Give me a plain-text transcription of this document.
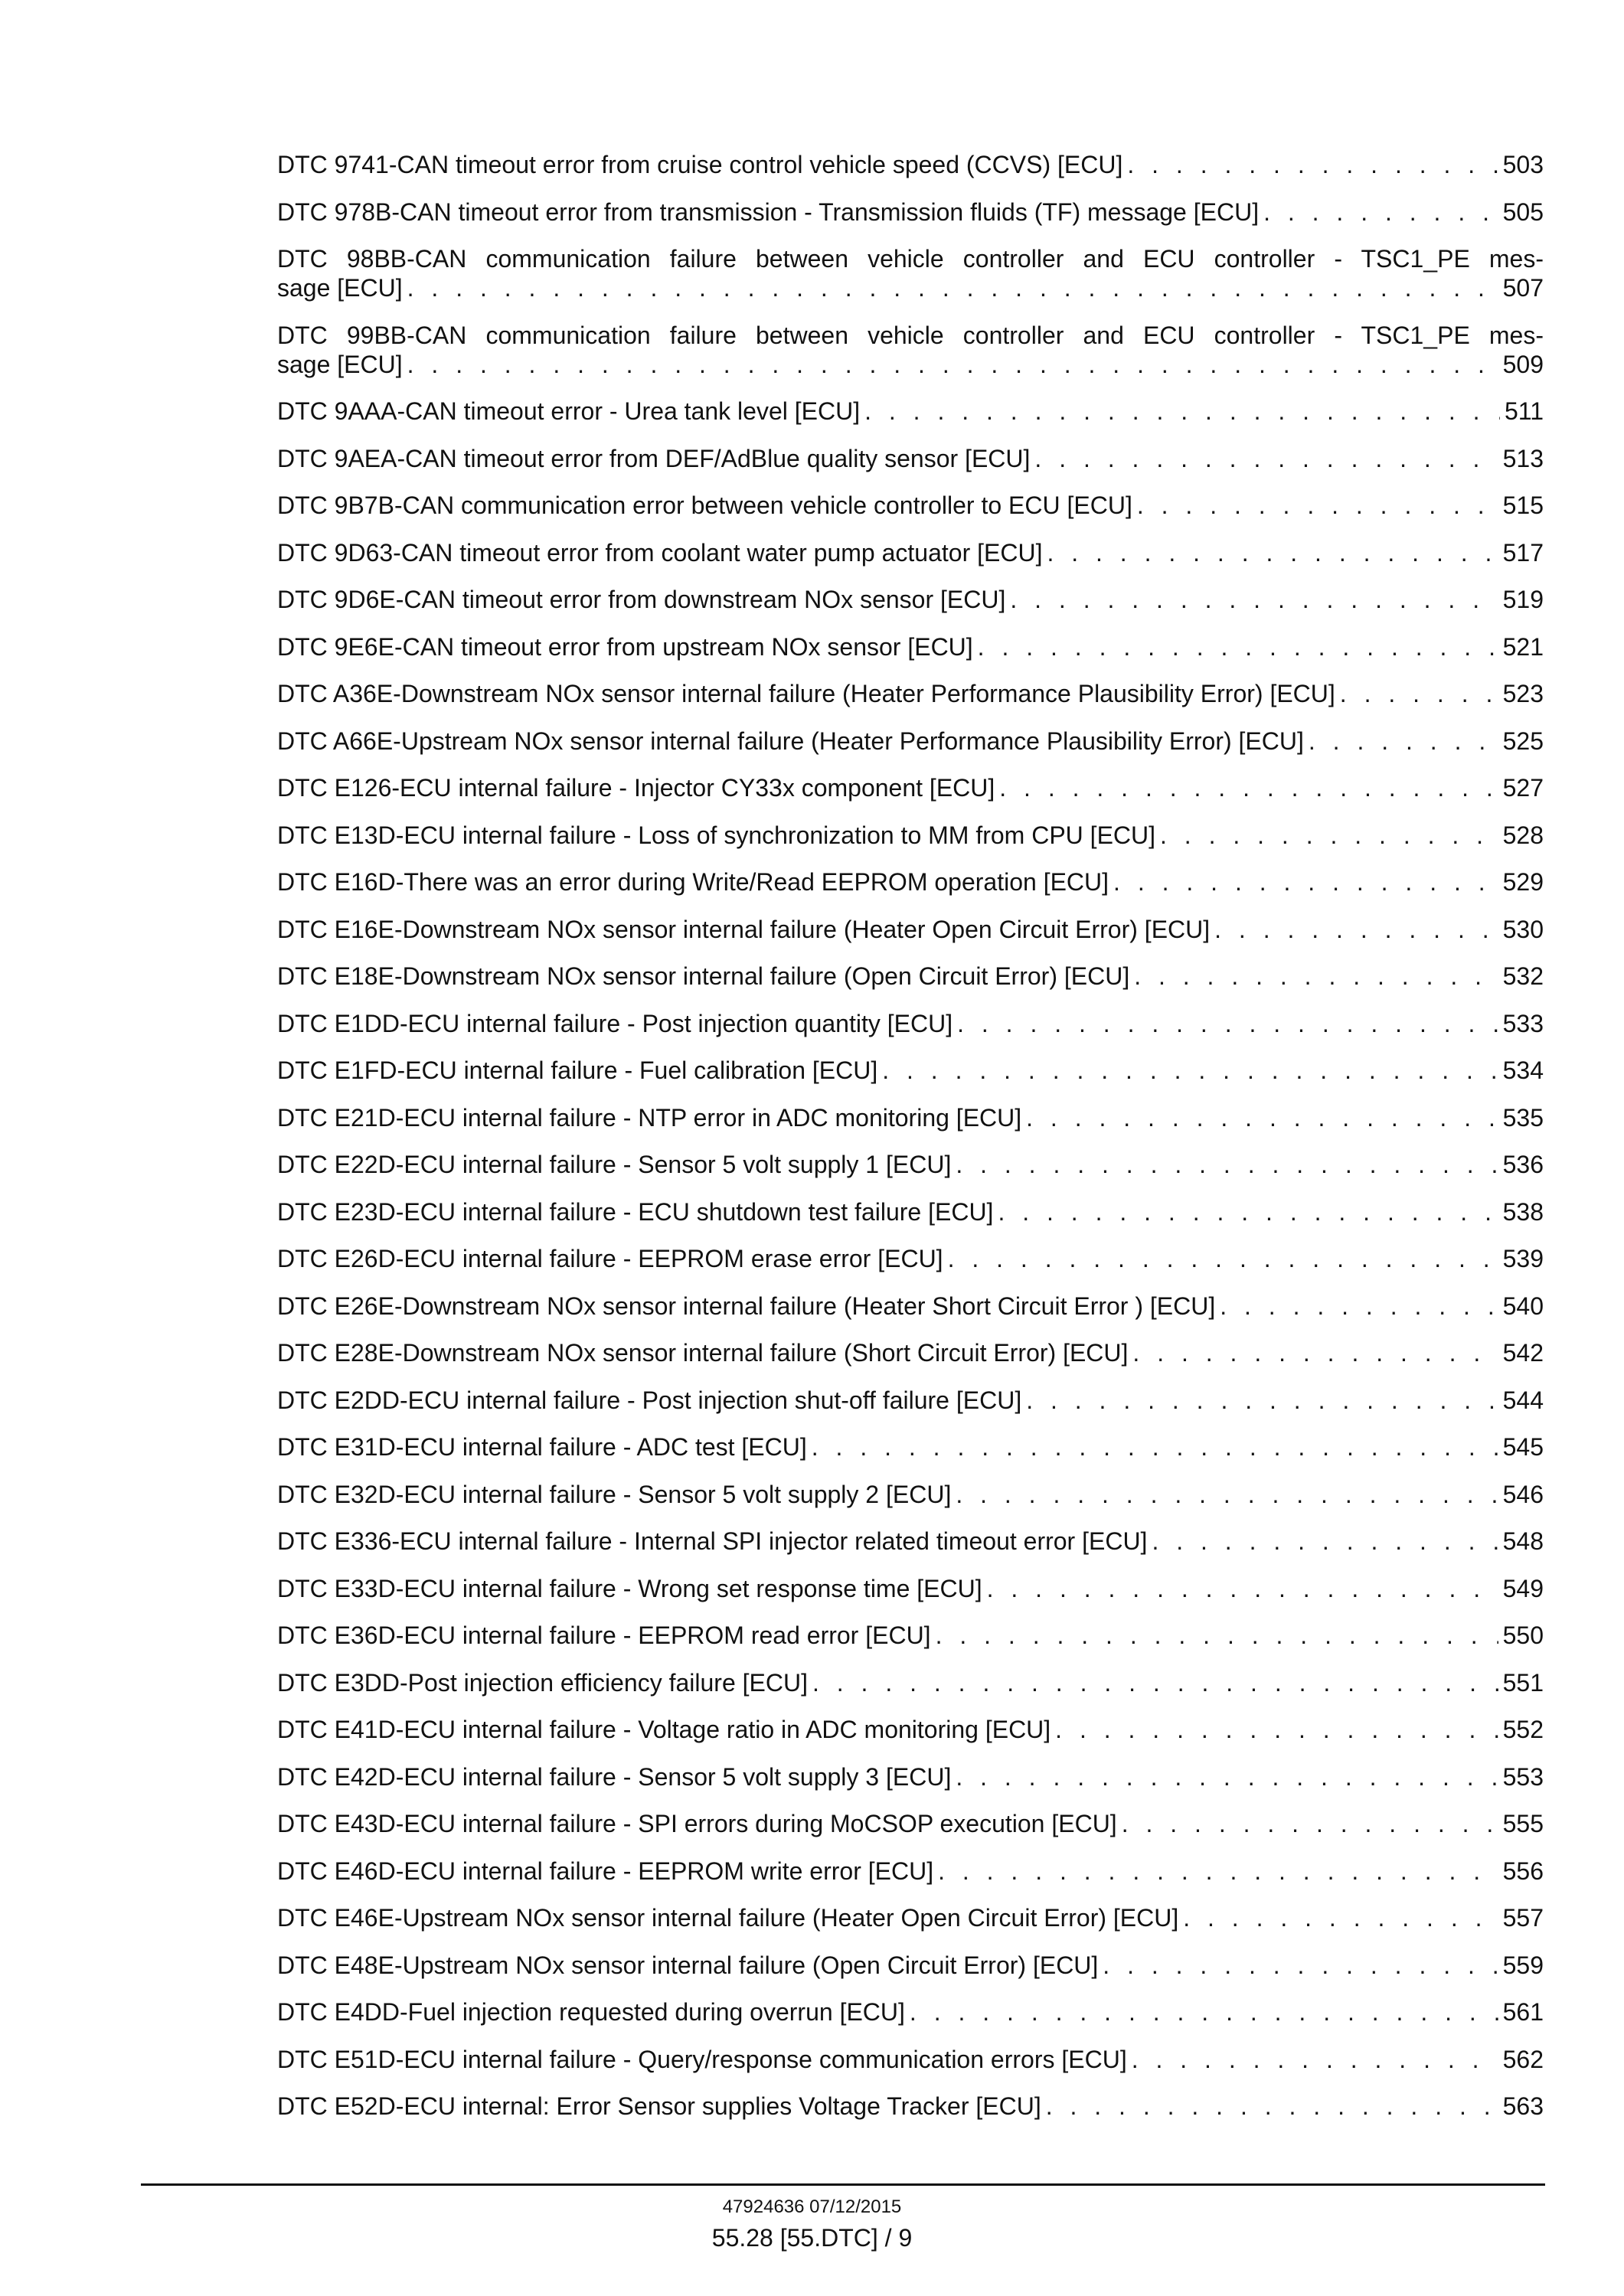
DTC 9741-CAN timeout error from cruise control vehicle speed (CCVS) [ECU] . . .	503
DTC 978B-CAN timeout error from transmission - Transmission fluids (TF) message [ECU] . . .	505
DTC 98BB-CAN communication failure between vehicle controller and ECU controller - TSC1_PE mes-
sage [ECU] . . .	507
DTC 99BB-CAN communication failure between vehicle controller and ECU controller - TSC1_PE mes-
sage [ECU] . . .	509
DTC 9AAA-CAN timeout error - Urea tank level [ECU] . . .	511
DTC 9AEA-CAN timeout error from DEF/AdBlue quality sensor [ECU] . . .	513
DTC 9B7B-CAN communication error between vehicle controller to ECU [ECU] . . .	515
DTC 9D63-CAN timeout error from coolant water pump actuator [ECU] . . .	517
DTC 9D6E-CAN timeout error from downstream NOx sensor [ECU] . . .	519
DTC 9E6E-CAN timeout error from upstream NOx sensor [ECU] . . .	521
DTC A36E-Downstream NOx sensor internal failure (Heater Performance Plausibility Error) [ECU] . . .	523
DTC A66E-Upstream NOx sensor internal failure (Heater Performance Plausibility Error) [ECU] . . .	525
DTC E126-ECU internal failure - Injector CY33x component [ECU] . . .	527
DTC E13D-ECU internal failure - Loss of synchronization to MM from CPU [ECU] . . .	528
DTC E16D-There was an error during Write/Read EEPROM operation [ECU] . . .	529
DTC E16E-Downstream NOx sensor internal failure (Heater Open Circuit Error) [ECU] . . .	530
DTC E18E-Downstream NOx sensor internal failure (Open Circuit Error) [ECU] . . .	532
DTC E1DD-ECU internal failure - Post injection quantity [ECU] . . .	533
DTC E1FD-ECU internal failure - Fuel calibration [ECU] . . .	534
DTC E21D-ECU internal failure - NTP error in ADC monitoring [ECU] . . .	535
DTC E22D-ECU internal failure - Sensor 5 volt supply 1 [ECU] . . .	536
DTC E23D-ECU internal failure - ECU shutdown test failure [ECU] . . .	538
DTC E26D-ECU internal failure - EEPROM erase error [ECU] . . .	539
DTC E26E-Downstream NOx sensor internal failure (Heater Short Circuit Error ) [ECU] . . .	540
DTC E28E-Downstream NOx sensor internal failure (Short Circuit Error) [ECU] . . .	542
DTC E2DD-ECU internal failure - Post injection shut-off failure [ECU] . . .	544
DTC E31D-ECU internal failure - ADC test [ECU] . . .	545
DTC E32D-ECU internal failure - Sensor 5 volt supply 2 [ECU] . . .	546
DTC E336-ECU internal failure - Internal SPI injector related timeout error [ECU] . . .	548
DTC E33D-ECU internal failure - Wrong set response time [ECU] . . .	549
DTC E36D-ECU internal failure - EEPROM read error [ECU] . . .	550
DTC E3DD-Post injection efficiency failure [ECU] . . .	551
DTC E41D-ECU internal failure - Voltage ratio in ADC monitoring [ECU] . . .	552
DTC E42D-ECU internal failure - Sensor 5 volt supply 3 [ECU] . . .	553
DTC E43D-ECU internal failure - SPI errors during MoCSOP execution [ECU] . . .	555
DTC E46D-ECU internal failure - EEPROM write error [ECU] . . .	556
DTC E46E-Upstream NOx sensor internal failure (Heater Open Circuit Error) [ECU] . . .	557
DTC E48E-Upstream NOx sensor internal failure (Open Circuit Error) [ECU] . . .	559
DTC E4DD-Fuel injection requested during overrun [ECU] . . .	561
DTC E51D-ECU internal failure - Query/response communication errors [ECU] . . .	562
DTC E52D-ECU internal: Error Sensor supplies Voltage Tracker [ECU] . . .	563
47924636 07/12/2015
55.28 [55.DTC] / 9
